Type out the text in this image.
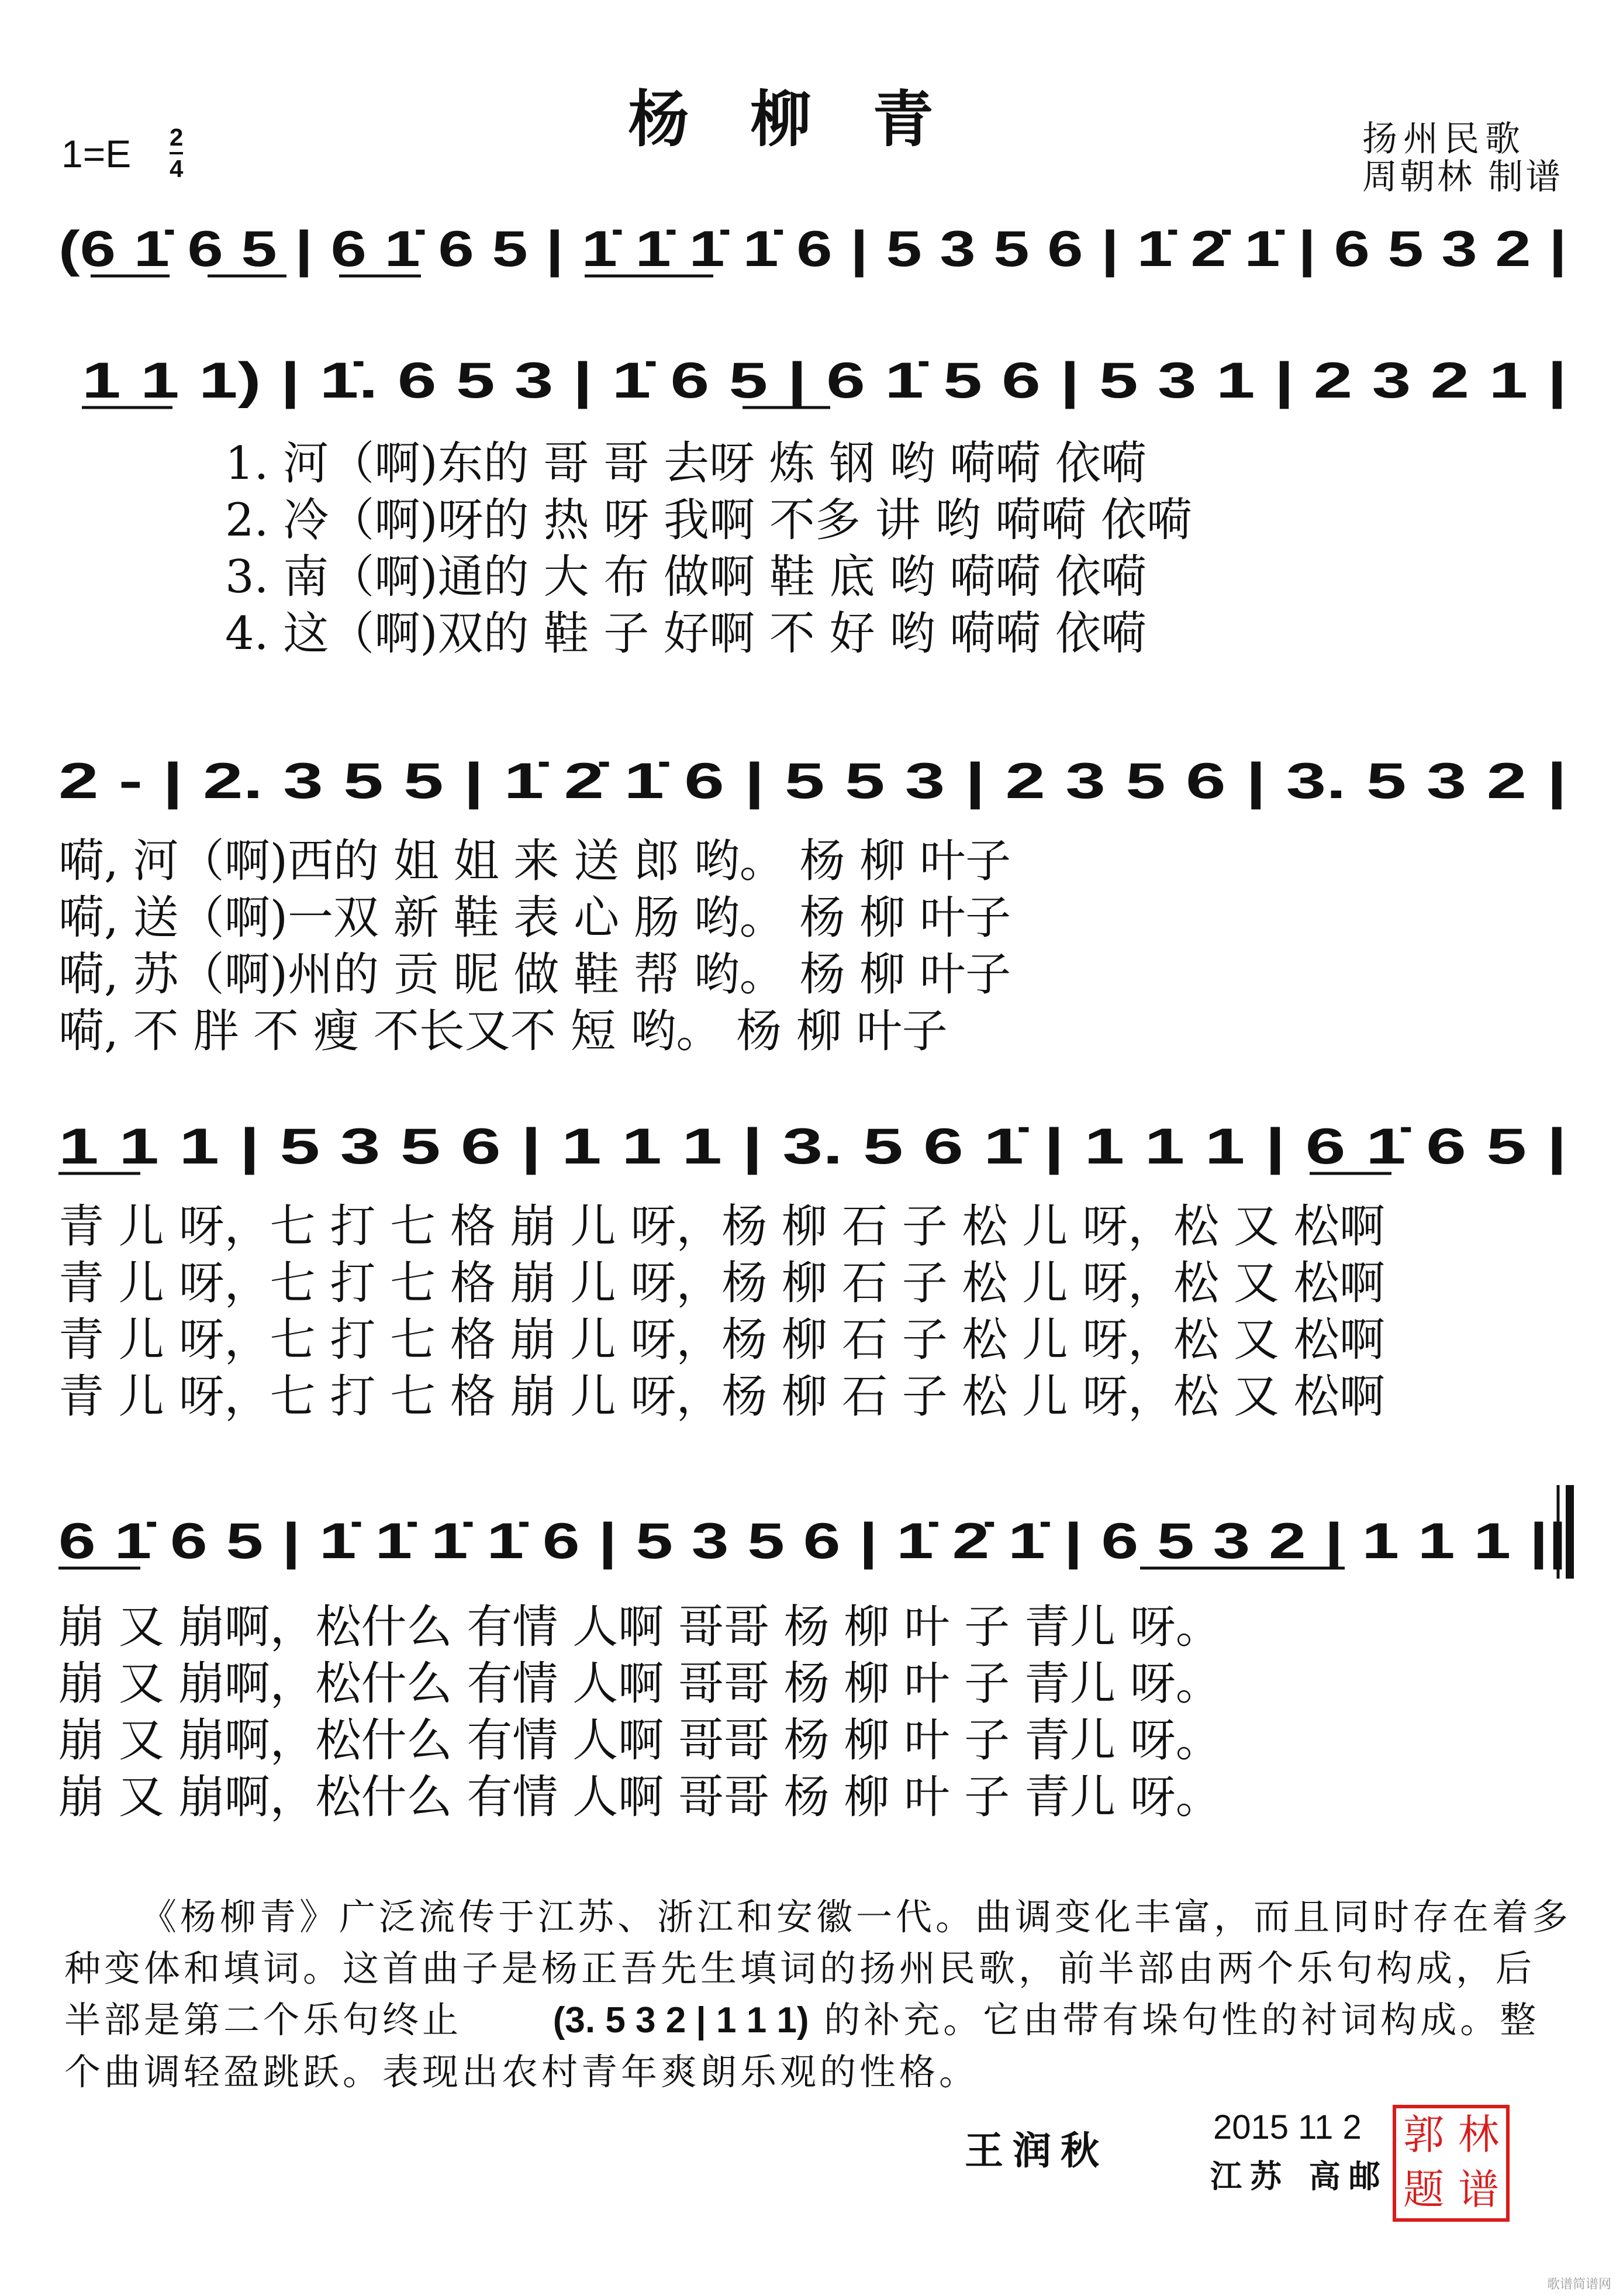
杨柳青
1=E 2
4
扬州民歌
周朝林 制谱
(6 1̇ 6 5 | 6 1̇ 6 5 | 1̇ 1̇ 1̇ 1̇ 6 | 5 3 5 6 | 1̇ 2̇ 1̇ | 6 5 3 2 |
1 1 1) | 1̇. 6 5 3 | 1̇ 6 5 | 6 1̇ 5 6 | 5 3 1 | 2 3 2 1 |
2 - | 2. 3 5 5 | 1̇ 2̇ 1̇ 6 | 5 5 3 | 2 3 5 6 | 3. 5 3 2 |
1 1 1 | 5 3 5 6 | 1 1 1 | 3. 5 6 1̇ | 1 1 1 | 6 1̇ 6 5 |
6 1̇ 6 5 | 1̇ 1̇ 1̇ 1̇ 6 | 5 3 5 6 | 1̇ 2̇ 1̇ | 6 5 3 2 | 1 1 1 ||
1. 河（啊)东的 哥 哥 去呀 炼 钢 哟 嗬嗬 依嗬
2. 冷（啊)呀的 热 呀 我啊 不多 讲 哟 嗬嗬 依嗬
3. 南（啊)通的 大 布 做啊 鞋 底 哟 嗬嗬 依嗬
4. 这（啊)双的 鞋 子 好啊 不 好 哟 嗬嗬 依嗬
嗬, 河（啊)西的 姐 姐 来 送 郎 哟。 杨 柳 叶子
嗬, 送（啊)一双 新 鞋 表 心 肠 哟。 杨 柳 叶子
嗬, 苏（啊)州的 贡 昵 做 鞋 帮 哟。 杨 柳 叶子
嗬, 不 胖 不 瘦 不长又不 短 哟。 杨 柳 叶子
青 儿 呀，七 打 七 格 崩 儿 呀，杨 柳 石 子 松 儿 呀，松 又 松啊
青 儿 呀，七 打 七 格 崩 儿 呀，杨 柳 石 子 松 儿 呀，松 又 松啊
青 儿 呀，七 打 七 格 崩 儿 呀，杨 柳 石 子 松 儿 呀，松 又 松啊
青 儿 呀，七 打 七 格 崩 儿 呀，杨 柳 石 子 松 儿 呀，松 又 松啊
崩 又 崩啊，松什么 有情 人啊 哥哥 杨 柳 叶 子 青儿 呀。
崩 又 崩啊，松什么 有情 人啊 哥哥 杨 柳 叶 子 青儿 呀。
崩 又 崩啊，松什么 有情 人啊 哥哥 杨 柳 叶 子 青儿 呀。
崩 又 崩啊，松什么 有情 人啊 哥哥 杨 柳 叶 子 青儿 呀。

《杨柳青》广泛流传于江苏、浙江和安徽一代。曲调变化丰富，而且同时存在着多种变体和填词。这首曲子是杨正吾先生填词的扬州民歌，前半部由两个乐句构成，后半部是第二个乐句终止	(3. 5 3 2 | 1 1 1) 的补充。它由带有垛句性的衬词构成。整个曲调轻盈跳跃。表现出农村青年爽朗乐观的性格。

王润秋
2015 11 2
江苏 高邮
郭 林
题 谱
歌谱简谱网
